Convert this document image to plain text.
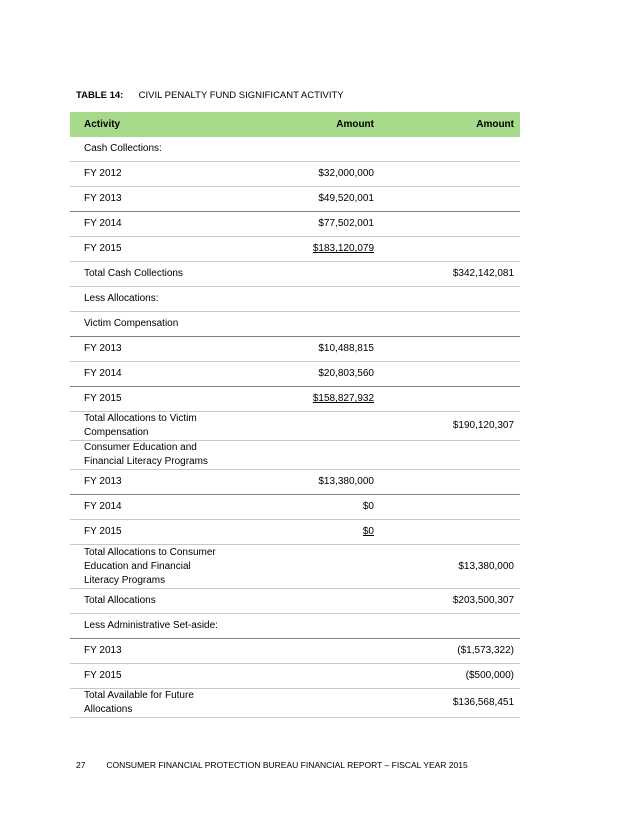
TABLE 14: CIVIL PENALTY FUND SIGNIFICANT ACTIVITY
Activity	Amount	Amount
Cash Collections:		
FY 2012	$32,000,000	
FY 2013	$49,520,001	
FY 2014	$77,502,001	
FY 2015	$183,120,079	
Total Cash Collections		$342,142,081
Less Allocations:		
Victim Compensation		
FY 2013	$10,488,815	
FY 2014	$20,803,560	
FY 2015	$158,827,932	
Total Allocations to Victim Compensation		$190,120,307
Consumer Education and Financial Literacy Programs		
FY 2013	$13,380,000	
FY 2014	$0	
FY 2015	$0	
Total Allocations to Consumer Education and Financial Literacy Programs		$13,380,000
Total Allocations		$203,500,307
Less Administrative Set-aside:		
FY 2013		($1,573,322)
FY 2015		($500,000)
Total Available for Future Allocations		$136,568,451
27 CONSUMER FINANCIAL PROTECTION BUREAU FINANCIAL REPORT – FISCAL YEAR 2015
